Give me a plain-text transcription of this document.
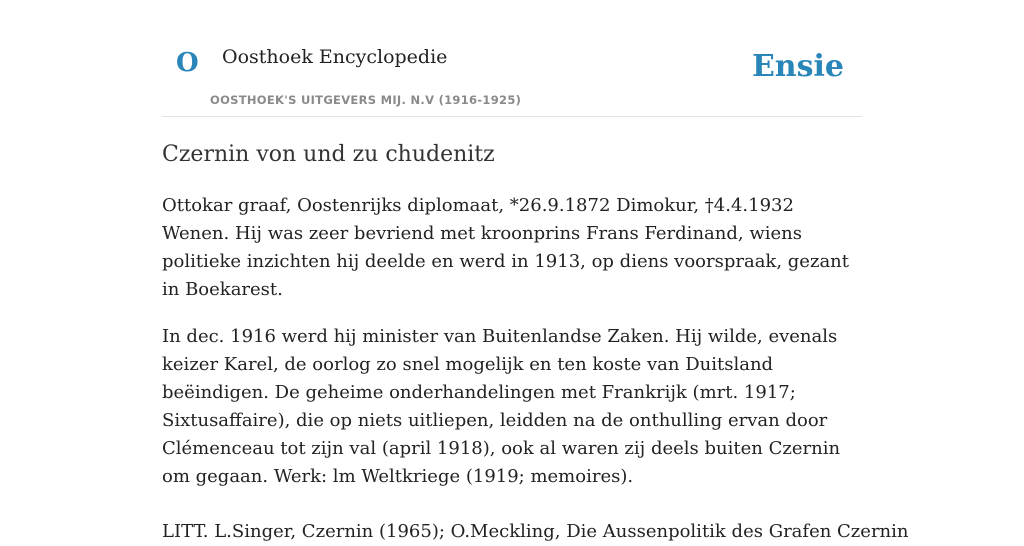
O Oosthoek Encyclopedie
OOSTHOEK'S UITGEVERS MIJ. N.V (1916-1925)
Ensie
Czernin von und zu chudenitz

Ottokar graaf, Oostenrijks diplomaat, *26.9.1872 Dimokur, †4.4.1932 Wenen. Hij was zeer bevriend met kroonprins Frans Ferdinand, wiens politieke inzichten hij deelde en werd in 1913, op diens voorspraak, gezant in Boekarest.

In dec. 1916 werd hij minister van Buitenlandse Zaken. Hij wilde, evenals keizer Karel, de oorlog zo snel mogelijk en ten koste van Duitsland beëindigen. De geheime onderhandelingen met Frankrijk (mrt. 1917; Sixtusaffaire), die op niets uitliepen, leidden na de onthulling ervan door Clémenceau tot zijn val (april 1918), ook al waren zij deels buiten Czernin om gegaan. Werk: lm Weltkriege (1919; memoires).

LITT. L.Singer, Czernin (1965); O.Meckling, Die Aussenpolitik des Grafen Czernin
